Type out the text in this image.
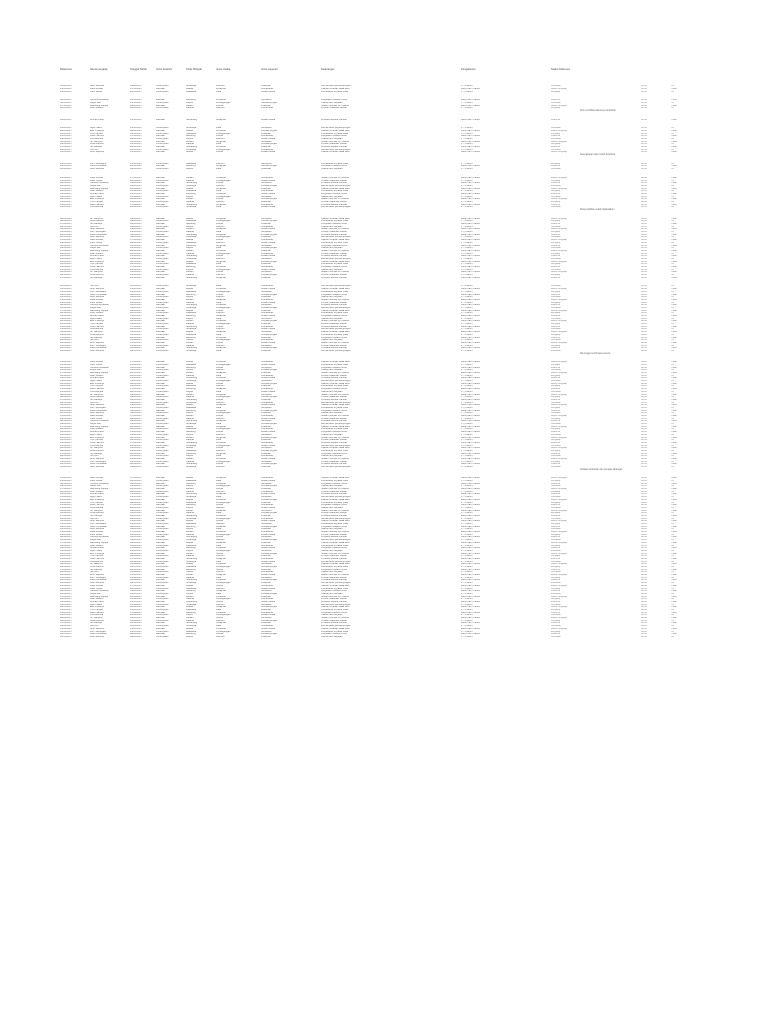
Reference	Nama Lengkap	Tanggal Daftar	Jenis Kelamin	Kode Wilayah	Jenis Usaha	Jenis Layanan	Keterangan	Pengalaman	Status Dokumen
12/03/2017	Budi Santoso	09/04/2017	Perempuan	Surabaya	Fashion	Pelatihan	Memerlukan pendampingan	1 - 3 tahun	Verifikasi	AP01	Ya
15/03/2017	Dewi Lestari	17/04/2017	Laki-laki	Bekasi	Kerajinan	Pemasaran	Usaha rumahan skala kecil	Lebih dari 5 tahun	Belum lengkap	AP02	Tidak
21/03/2017	Joko Susilo	28/04/2017	Perempuan	Makassar	Jasa	Modal Usaha	Pemasaran di pasar lokal	1 - 3 tahun	Lengkap	AP03	Ya
02/04/2017	Hendra Gunawan	05/05/2017	Laki-laki	Bandung	Pertanian	Sertifikasi	Penjualan melalui online	Lebih dari 5 tahun	Diterima	AP04	Tidak
09/04/2017	Maya Sari	14/05/2017	Perempuan	Depok	Perdagangan	Pendampingan	Usaha baru berjalan	1 - 3 tahun	Verifikasi	AP01	Ya
17/04/2017	Bambang Wijaya	22/05/2017	Laki-laki	Medan	Kuliner	Pelatihan	Sudah memiliki izin usaha	Lebih dari 5 tahun	Belum lengkap	AP02	Tidak
28/04/2017	Wati Susanti	12/03/2017	Perempuan	Jakarta	Fashion	Pemasaran	Produk makanan olahan	1 - 3 tahun	Lengkap	AP03	Ya
Perlu verifikasi dokumen tambahan
05/05/2017	Ahmad Fauzi	15/03/2017	Laki-laki	Semarang	Kerajinan	Modal Usaha	Produksi secara manual	Lebih dari 5 tahun	Diterima	AP04	Tidak
14/05/2017	Agus Salim	21/03/2017	Perempuan	Surabaya	Jasa	Sertifikasi	Memerlukan pendampingan	1 - 3 tahun	Verifikasi	AP01	Ya
22/05/2017	Eko Prasetyo	02/04/2017	Laki-laki	Bekasi	Pertanian	Pendampingan	Usaha rumahan skala kecil	Lebih dari 5 tahun	Belum lengkap	AP02	Tidak
12/03/2017	Yuni Kartika	09/04/2017	Perempuan	Makassar	Perdagangan	Pelatihan	Pemasaran di pasar lokal	1 - 3 tahun	Lengkap	AP03	Ya
15/03/2017	Rudi Hartono	17/04/2017	Laki-laki	Bandung	Kuliner	Pemasaran	Penjualan melalui online	Lebih dari 5 tahun	Diterima	AP04	Tidak
21/03/2017	Lina Marlina	28/04/2017	Perempuan	Depok	Fashion	Modal Usaha	Usaha baru berjalan	1 - 3 tahun	Verifikasi	AP01	Ya
02/04/2017	Sri Wahyuni	05/05/2017	Laki-laki	Medan	Kerajinan	Sertifikasi	Sudah memiliki izin usaha	Lebih dari 5 tahun	Belum lengkap	AP02	Tidak
09/04/2017	Rina Marlina	14/05/2017	Perempuan	Jakarta	Jasa	Pendampingan	Produk makanan olahan	1 - 3 tahun	Lengkap	AP03	Ya
17/04/2017	Siti Rahayu	22/05/2017	Laki-laki	Semarang	Pertanian	Pelatihan	Produksi secara manual	Lebih dari 5 tahun	Diterima	AP04	Tidak
28/04/2017	Nur Aini	12/03/2017	Perempuan	Surabaya	Perdagangan	Pemasaran	Memerlukan pendampingan	1 - 3 tahun	Verifikasi	AP01	Ya
05/05/2017	Andi Saputra	15/03/2017	Laki-laki	Bekasi	Kuliner	Modal Usaha	Usaha rumahan skala kecil	Lebih dari 5 tahun	Belum lengkap	AP02	Tidak
Kelengkapan data masih diperiksa
14/05/2017	Fitri Handayani	21/03/2017	Perempuan	Makassar	Fashion	Sertifikasi	Pemasaran di pasar lokal	1 - 3 tahun	Lengkap	AP03	Ya
22/05/2017	Dedi Kurniawan	02/04/2017	Laki-laki	Bandung	Kerajinan	Pendampingan	Penjualan melalui online	Lebih dari 5 tahun	Diterima	AP04	Tidak
12/03/2017	Budi Santoso	09/04/2017	Perempuan	Depok	Jasa	Pelatihan	Usaha baru berjalan	1 - 3 tahun	Verifikasi	AP01	Ya
15/03/2017	Dewi Lestari	17/04/2017	Laki-laki	Medan	Pertanian	Pemasaran	Sudah memiliki izin usaha	Lebih dari 5 tahun	Belum lengkap	AP02	Tidak
21/03/2017	Joko Susilo	28/04/2017	Perempuan	Jakarta	Perdagangan	Modal Usaha	Produk makanan olahan	1 - 3 tahun	Lengkap	AP03	Ya
02/04/2017	Hendra Gunawan	05/05/2017	Laki-laki	Semarang	Kuliner	Sertifikasi	Produksi secara manual	Lebih dari 5 tahun	Diterima	AP04	Tidak
09/04/2017	Maya Sari	14/05/2017	Perempuan	Surabaya	Fashion	Pendampingan	Memerlukan pendampingan	1 - 3 tahun	Verifikasi	AP01	Ya
17/04/2017	Bambang Wijaya	22/05/2017	Laki-laki	Bekasi	Kerajinan	Pelatihan	Usaha rumahan skala kecil	Lebih dari 5 tahun	Belum lengkap	AP02	Tidak
28/04/2017	Wati Susanti	12/03/2017	Perempuan	Makassar	Jasa	Pemasaran	Pemasaran di pasar lokal	1 - 3 tahun	Lengkap	AP03	Ya
05/05/2017	Ahmad Fauzi	15/03/2017	Laki-laki	Bandung	Pertanian	Modal Usaha	Penjualan melalui online	Lebih dari 5 tahun	Diterima	AP04	Tidak
14/05/2017	Agus Salim	21/03/2017	Perempuan	Depok	Perdagangan	Sertifikasi	Usaha baru berjalan	1 - 3 tahun	Verifikasi	AP01	Ya
22/05/2017	Eko Prasetyo	02/04/2017	Laki-laki	Medan	Kuliner	Pendampingan	Sudah memiliki izin usaha	Lebih dari 5 tahun	Belum lengkap	AP02	Tidak
12/03/2017	Yuni Kartika	09/04/2017	Perempuan	Jakarta	Fashion	Pelatihan	Produk makanan olahan	1 - 3 tahun	Lengkap	AP03	Ya
15/03/2017	Rudi Hartono	17/04/2017	Laki-laki	Semarang	Kerajinan	Pemasaran	Produksi secara manual	Lebih dari 5 tahun	Diterima	AP04	Tidak
21/03/2017	Lina Marlina	28/04/2017	Perempuan	Surabaya	Jasa	Modal Usaha	Memerlukan pendampingan	1 - 3 tahun	Verifikasi	AP01	Ya
Data pelatihan sudah dijadwalkan
02/04/2017	Sri Wahyuni	05/05/2017	Laki-laki	Bekasi	Pertanian	Sertifikasi	Usaha rumahan skala kecil	Lebih dari 5 tahun	Belum lengkap	AP02	Tidak
09/04/2017	Rina Marlina	14/05/2017	Perempuan	Makassar	Perdagangan	Pendampingan	Pemasaran di pasar lokal	1 - 3 tahun	Lengkap	AP03	Ya
17/04/2017	Siti Rahayu	22/05/2017	Laki-laki	Bandung	Kuliner	Pelatihan	Penjualan melalui online	Lebih dari 5 tahun	Diterima	AP04	Tidak
28/04/2017	Nur Aini	12/03/2017	Perempuan	Depok	Fashion	Pemasaran	Usaha baru berjalan	1 - 3 tahun	Verifikasi	AP01	Ya
05/05/2017	Andi Saputra	15/03/2017	Laki-laki	Medan	Kerajinan	Modal Usaha	Sudah memiliki izin usaha	Lebih dari 5 tahun	Belum lengkap	AP02	Tidak
14/05/2017	Fitri Handayani	21/03/2017	Perempuan	Jakarta	Jasa	Sertifikasi	Produk makanan olahan	1 - 3 tahun	Lengkap	AP03	Ya
22/05/2017	Dedi Kurniawan	02/04/2017	Laki-laki	Semarang	Pertanian	Pendampingan	Produksi secara manual	Lebih dari 5 tahun	Diterima	AP04	Tidak
12/03/2017	Budi Santoso	09/04/2017	Perempuan	Surabaya	Perdagangan	Pelatihan	Memerlukan pendampingan	1 - 3 tahun	Verifikasi	AP01	Ya
15/03/2017	Dewi Lestari	17/04/2017	Laki-laki	Bekasi	Kuliner	Pemasaran	Usaha rumahan skala kecil	Lebih dari 5 tahun	Belum lengkap	AP02	Tidak
21/03/2017	Joko Susilo	28/04/2017	Perempuan	Makassar	Fashion	Modal Usaha	Pemasaran di pasar lokal	1 - 3 tahun	Lengkap	AP03	Ya
02/04/2017	Hendra Gunawan	05/05/2017	Laki-laki	Bandung	Kerajinan	Sertifikasi	Penjualan melalui online	Lebih dari 5 tahun	Diterima	AP04	Tidak
09/04/2017	Maya Sari	14/05/2017	Perempuan	Depok	Jasa	Pendampingan	Usaha baru berjalan	1 - 3 tahun	Verifikasi	AP01	Ya
17/04/2017	Bambang Wijaya	22/05/2017	Laki-laki	Medan	Pertanian	Pelatihan	Sudah memiliki izin usaha	Lebih dari 5 tahun	Belum lengkap	AP02	Tidak
28/04/2017	Wati Susanti	12/03/2017	Perempuan	Jakarta	Perdagangan	Pemasaran	Produk makanan olahan	1 - 3 tahun	Lengkap	AP03	Ya
05/05/2017	Ahmad Fauzi	15/03/2017	Laki-laki	Semarang	Kuliner	Modal Usaha	Produksi secara manual	Lebih dari 5 tahun	Diterima	AP04	Tidak
14/05/2017	Agus Salim	21/03/2017	Perempuan	Surabaya	Fashion	Sertifikasi	Memerlukan pendampingan	1 - 3 tahun	Verifikasi	AP01	Ya
22/05/2017	Eko Prasetyo	02/04/2017	Laki-laki	Bekasi	Kerajinan	Pendampingan	Usaha rumahan skala kecil	Lebih dari 5 tahun	Belum lengkap	AP02	Tidak
12/03/2017	Yuni Kartika	09/04/2017	Perempuan	Makassar	Jasa	Pelatihan	Pemasaran di pasar lokal	1 - 3 tahun	Lengkap	AP03	Ya
15/03/2017	Rudi Hartono	17/04/2017	Laki-laki	Bandung	Pertanian	Pemasaran	Penjualan melalui online	Lebih dari 5 tahun	Diterima	AP04	Tidak
21/03/2017	Lina Marlina	28/04/2017	Perempuan	Depok	Perdagangan	Modal Usaha	Usaha baru berjalan	1 - 3 tahun	Verifikasi	AP01	Ya
02/04/2017	Sri Wahyuni	05/05/2017	Laki-laki	Medan	Kuliner	Sertifikasi	Sudah memiliki izin usaha	Lebih dari 5 tahun	Belum lengkap	AP02	Tidak
09/04/2017	Rina Marlina	14/05/2017	Perempuan	Jakarta	Fashion	Pendampingan	Produk makanan olahan	1 - 3 tahun	Lengkap	AP03	Ya
17/04/2017	Siti Rahayu	22/05/2017	Laki-laki	Semarang	Kerajinan	Pelatihan	Produksi secara manual	Lebih dari 5 tahun	Diterima	AP04	Tidak
28/04/2017	Nur Aini	12/03/2017	Perempuan	Surabaya	Jasa	Pemasaran	Memerlukan pendampingan	1 - 3 tahun	Verifikasi	AP01	Ya
05/05/2017	Andi Saputra	15/03/2017	Laki-laki	Bekasi	Pertanian	Modal Usaha	Usaha rumahan skala kecil	Lebih dari 5 tahun	Belum lengkap	AP02	Tidak
14/05/2017	Fitri Handayani	21/03/2017	Perempuan	Makassar	Perdagangan	Sertifikasi	Pemasaran di pasar lokal	1 - 3 tahun	Lengkap	AP03	Ya
22/05/2017	Dedi Kurniawan	02/04/2017	Laki-laki	Bandung	Kuliner	Pendampingan	Penjualan melalui online	Lebih dari 5 tahun	Diterima	AP04	Tidak
12/03/2017	Budi Santoso	09/04/2017	Perempuan	Depok	Fashion	Pelatihan	Usaha baru berjalan	1 - 3 tahun	Verifikasi	AP01	Ya
15/03/2017	Dewi Lestari	17/04/2017	Laki-laki	Medan	Kerajinan	Pemasaran	Sudah memiliki izin usaha	Lebih dari 5 tahun	Belum lengkap	AP02	Tidak
21/03/2017	Joko Susilo	28/04/2017	Perempuan	Jakarta	Jasa	Modal Usaha	Produk makanan olahan	1 - 3 tahun	Lengkap	AP03	Ya
02/04/2017	Hendra Gunawan	05/05/2017	Laki-laki	Semarang	Pertanian	Sertifikasi	Produksi secara manual	Lebih dari 5 tahun	Diterima	AP04	Tidak
09/04/2017	Maya Sari	14/05/2017	Perempuan	Surabaya	Perdagangan	Pendampingan	Memerlukan pendampingan	1 - 3 tahun	Verifikasi	AP01	Ya
17/04/2017	Bambang Wijaya	22/05/2017	Laki-laki	Bekasi	Kuliner	Pelatihan	Usaha rumahan skala kecil	Lebih dari 5 tahun	Belum lengkap	AP02	Tidak
28/04/2017	Wati Susanti	12/03/2017	Perempuan	Makassar	Fashion	Pemasaran	Pemasaran di pasar lokal	1 - 3 tahun	Lengkap	AP03	Ya
05/05/2017	Ahmad Fauzi	15/03/2017	Laki-laki	Bandung	Kerajinan	Modal Usaha	Penjualan melalui online	Lebih dari 5 tahun	Diterima	AP04	Tidak
14/05/2017	Agus Salim	21/03/2017	Perempuan	Depok	Jasa	Sertifikasi	Usaha baru berjalan	1 - 3 tahun	Verifikasi	AP01	Ya
22/05/2017	Eko Prasetyo	02/04/2017	Laki-laki	Medan	Pertanian	Pendampingan	Sudah memiliki izin usaha	Lebih dari 5 tahun	Belum lengkap	AP02	Tidak
12/03/2017	Yuni Kartika	09/04/2017	Perempuan	Jakarta	Perdagangan	Pelatihan	Produk makanan olahan	1 - 3 tahun	Lengkap	AP03	Ya
15/03/2017	Rudi Hartono	17/04/2017	Laki-laki	Semarang	Kuliner	Pemasaran	Produksi secara manual	Lebih dari 5 tahun	Diterima	AP04	Tidak
21/03/2017	Lina Marlina	28/04/2017	Perempuan	Surabaya	Fashion	Modal Usaha	Memerlukan pendampingan	1 - 3 tahun	Verifikasi	AP01	Ya
02/04/2017	Sri Wahyuni	05/05/2017	Laki-laki	Bekasi	Kerajinan	Sertifikasi	Usaha rumahan skala kecil	Lebih dari 5 tahun	Belum lengkap	AP02	Tidak
09/04/2017	Rina Marlina	14/05/2017	Perempuan	Makassar	Jasa	Pendampingan	Pemasaran di pasar lokal	1 - 3 tahun	Lengkap	AP03	Ya
17/04/2017	Siti Rahayu	22/05/2017	Laki-laki	Bandung	Pertanian	Pelatihan	Penjualan melalui online	Lebih dari 5 tahun	Diterima	AP04	Tidak
28/04/2017	Nur Aini	12/03/2017	Perempuan	Depok	Perdagangan	Pemasaran	Usaha baru berjalan	1 - 3 tahun	Verifikasi	AP01	Ya
05/05/2017	Andi Saputra	15/03/2017	Laki-laki	Medan	Kuliner	Modal Usaha	Sudah memiliki izin usaha	Lebih dari 5 tahun	Belum lengkap	AP02	Tidak
14/05/2017	Fitri Handayani	21/03/2017	Perempuan	Jakarta	Fashion	Sertifikasi	Produk makanan olahan	1 - 3 tahun	Lengkap	AP03	Ya
22/05/2017	Dedi Kurniawan	02/04/2017	Laki-laki	Semarang	Kerajinan	Pendampingan	Produksi secara manual	Lebih dari 5 tahun	Diterima	AP04	Tidak
12/03/2017	Budi Santoso	09/04/2017	Perempuan	Surabaya	Jasa	Pelatihan	Memerlukan pendampingan	1 - 3 tahun	Verifikasi	AP01	Ya
Menunggu konfirmasi peserta
15/03/2017	Dewi Lestari	17/04/2017	Laki-laki	Bekasi	Pertanian	Pemasaran	Usaha rumahan skala kecil	Lebih dari 5 tahun	Belum lengkap	AP02	Tidak
21/03/2017	Joko Susilo	28/04/2017	Perempuan	Makassar	Perdagangan	Modal Usaha	Pemasaran di pasar lokal	1 - 3 tahun	Lengkap	AP03	Ya
02/04/2017	Hendra Gunawan	05/05/2017	Laki-laki	Bandung	Kuliner	Sertifikasi	Penjualan melalui online	Lebih dari 5 tahun	Diterima	AP04	Tidak
09/04/2017	Maya Sari	14/05/2017	Perempuan	Depok	Fashion	Pendampingan	Usaha baru berjalan	1 - 3 tahun	Verifikasi	AP01	Ya
17/04/2017	Bambang Wijaya	22/05/2017	Laki-laki	Medan	Kerajinan	Pelatihan	Sudah memiliki izin usaha	Lebih dari 5 tahun	Belum lengkap	AP02	Tidak
28/04/2017	Wati Susanti	12/03/2017	Perempuan	Jakarta	Jasa	Pemasaran	Produk makanan olahan	1 - 3 tahun	Lengkap	AP03	Ya
05/05/2017	Ahmad Fauzi	15/03/2017	Laki-laki	Semarang	Pertanian	Modal Usaha	Produksi secara manual	Lebih dari 5 tahun	Diterima	AP04	Tidak
14/05/2017	Agus Salim	21/03/2017	Perempuan	Surabaya	Perdagangan	Sertifikasi	Memerlukan pendampingan	1 - 3 tahun	Verifikasi	AP01	Ya
22/05/2017	Eko Prasetyo	02/04/2017	Laki-laki	Bekasi	Kuliner	Pendampingan	Usaha rumahan skala kecil	Lebih dari 5 tahun	Belum lengkap	AP02	Tidak
12/03/2017	Yuni Kartika	09/04/2017	Perempuan	Makassar	Fashion	Pelatihan	Pemasaran di pasar lokal	1 - 3 tahun	Lengkap	AP03	Ya
15/03/2017	Rudi Hartono	17/04/2017	Laki-laki	Bandung	Kerajinan	Pemasaran	Penjualan melalui online	Lebih dari 5 tahun	Diterima	AP04	Tidak
21/03/2017	Lina Marlina	28/04/2017	Perempuan	Depok	Jasa	Modal Usaha	Usaha baru berjalan	1 - 3 tahun	Verifikasi	AP01	Ya
02/04/2017	Sri Wahyuni	05/05/2017	Laki-laki	Medan	Pertanian	Sertifikasi	Sudah memiliki izin usaha	Lebih dari 5 tahun	Belum lengkap	AP02	Tidak
09/04/2017	Rina Marlina	14/05/2017	Perempuan	Jakarta	Perdagangan	Pendampingan	Produk makanan olahan	1 - 3 tahun	Lengkap	AP03	Ya
17/04/2017	Siti Rahayu	22/05/2017	Laki-laki	Semarang	Kuliner	Pelatihan	Produksi secara manual	Lebih dari 5 tahun	Diterima	AP04	Tidak
28/04/2017	Nur Aini	12/03/2017	Perempuan	Surabaya	Fashion	Pemasaran	Memerlukan pendampingan	1 - 3 tahun	Verifikasi	AP01	Ya
05/05/2017	Andi Saputra	15/03/2017	Laki-laki	Bekasi	Kerajinan	Modal Usaha	Usaha rumahan skala kecil	Lebih dari 5 tahun	Belum lengkap	AP02	Tidak
14/05/2017	Fitri Handayani	21/03/2017	Perempuan	Makassar	Jasa	Sertifikasi	Pemasaran di pasar lokal	1 - 3 tahun	Lengkap	AP03	Ya
22/05/2017	Dedi Kurniawan	02/04/2017	Laki-laki	Bandung	Pertanian	Pendampingan	Penjualan melalui online	Lebih dari 5 tahun	Diterima	AP04	Tidak
12/03/2017	Budi Santoso	09/04/2017	Perempuan	Depok	Perdagangan	Pelatihan	Usaha baru berjalan	1 - 3 tahun	Verifikasi	AP01	Ya
15/03/2017	Dewi Lestari	17/04/2017	Laki-laki	Medan	Kuliner	Pemasaran	Sudah memiliki izin usaha	Lebih dari 5 tahun	Belum lengkap	AP02	Tidak
21/03/2017	Joko Susilo	28/04/2017	Perempuan	Jakarta	Fashion	Modal Usaha	Produk makanan olahan	1 - 3 tahun	Lengkap	AP03	Ya
02/04/2017	Hendra Gunawan	05/05/2017	Laki-laki	Semarang	Kerajinan	Sertifikasi	Produksi secara manual	Lebih dari 5 tahun	Diterima	AP04	Tidak
09/04/2017	Maya Sari	14/05/2017	Perempuan	Surabaya	Jasa	Pendampingan	Memerlukan pendampingan	1 - 3 tahun	Verifikasi	AP01	Ya
17/04/2017	Bambang Wijaya	22/05/2017	Laki-laki	Bekasi	Pertanian	Pelatihan	Usaha rumahan skala kecil	Lebih dari 5 tahun	Belum lengkap	AP02	Tidak
28/04/2017	Wati Susanti	12/03/2017	Perempuan	Makassar	Perdagangan	Pemasaran	Pemasaran di pasar lokal	1 - 3 tahun	Lengkap	AP03	Ya
05/05/2017	Ahmad Fauzi	15/03/2017	Laki-laki	Bandung	Kuliner	Modal Usaha	Penjualan melalui online	Lebih dari 5 tahun	Diterima	AP04	Tidak
14/05/2017	Agus Salim	21/03/2017	Perempuan	Depok	Fashion	Sertifikasi	Usaha baru berjalan	1 - 3 tahun	Verifikasi	AP01	Ya
22/05/2017	Eko Prasetyo	02/04/2017	Laki-laki	Medan	Kerajinan	Pendampingan	Sudah memiliki izin usaha	Lebih dari 5 tahun	Belum lengkap	AP02	Tidak
12/03/2017	Yuni Kartika	09/04/2017	Perempuan	Jakarta	Jasa	Pelatihan	Produk makanan olahan	1 - 3 tahun	Lengkap	AP03	Ya
15/03/2017	Rudi Hartono	17/04/2017	Laki-laki	Semarang	Pertanian	Pemasaran	Produksi secara manual	Lebih dari 5 tahun	Diterima	AP04	Tidak
21/03/2017	Lina Marlina	28/04/2017	Perempuan	Surabaya	Perdagangan	Modal Usaha	Memerlukan pendampingan	1 - 3 tahun	Verifikasi	AP01	Ya
02/04/2017	Sri Wahyuni	05/05/2017	Laki-laki	Bekasi	Kuliner	Sertifikasi	Usaha rumahan skala kecil	Lebih dari 5 tahun	Belum lengkap	AP02	Tidak
09/04/2017	Rina Marlina	14/05/2017	Perempuan	Makassar	Fashion	Pendampingan	Pemasaran di pasar lokal	1 - 3 tahun	Lengkap	AP03	Ya
17/04/2017	Siti Rahayu	22/05/2017	Laki-laki	Bandung	Kerajinan	Pelatihan	Penjualan melalui online	Lebih dari 5 tahun	Diterima	AP04	Tidak
28/04/2017	Nur Aini	12/03/2017	Perempuan	Depok	Jasa	Pemasaran	Usaha baru berjalan	1 - 3 tahun	Verifikasi	AP01	Ya
05/05/2017	Andi Saputra	15/03/2017	Laki-laki	Medan	Pertanian	Modal Usaha	Sudah memiliki izin usaha	Lebih dari 5 tahun	Belum lengkap	AP02	Tidak
14/05/2017	Fitri Handayani	21/03/2017	Perempuan	Jakarta	Perdagangan	Sertifikasi	Produk makanan olahan	1 - 3 tahun	Lengkap	AP03	Ya
22/05/2017	Dedi Kurniawan	02/04/2017	Laki-laki	Semarang	Kuliner	Pendampingan	Produksi secara manual	Lebih dari 5 tahun	Diterima	AP04	Tidak
12/03/2017	Budi Santoso	09/04/2017	Perempuan	Surabaya	Fashion	Pelatihan	Memerlukan pendampingan	1 - 3 tahun	Verifikasi	AP01	Ya
Catatan tambahan dari petugas lapangan
15/03/2017	Dewi Lestari	17/04/2017	Laki-laki	Bekasi	Kerajinan	Pemasaran	Usaha rumahan skala kecil	Lebih dari 5 tahun	Belum lengkap	AP02	Tidak
21/03/2017	Joko Susilo	28/04/2017	Perempuan	Makassar	Jasa	Modal Usaha	Pemasaran di pasar lokal	1 - 3 tahun	Lengkap	AP03	Ya
02/04/2017	Hendra Gunawan	05/05/2017	Laki-laki	Bandung	Pertanian	Sertifikasi	Penjualan melalui online	Lebih dari 5 tahun	Diterima	AP04	Tidak
09/04/2017	Maya Sari	14/05/2017	Perempuan	Depok	Perdagangan	Pendampingan	Usaha baru berjalan	1 - 3 tahun	Verifikasi	AP01	Ya
17/04/2017	Bambang Wijaya	22/05/2017	Laki-laki	Medan	Kuliner	Pelatihan	Sudah memiliki izin usaha	Lebih dari 5 tahun	Belum lengkap	AP02	Tidak
28/04/2017	Wati Susanti	12/03/2017	Perempuan	Jakarta	Fashion	Pemasaran	Produk makanan olahan	1 - 3 tahun	Lengkap	AP03	Ya
05/05/2017	Ahmad Fauzi	15/03/2017	Laki-laki	Semarang	Kerajinan	Modal Usaha	Produksi secara manual	Lebih dari 5 tahun	Diterima	AP04	Tidak
14/05/2017	Agus Salim	21/03/2017	Perempuan	Surabaya	Jasa	Sertifikasi	Memerlukan pendampingan	1 - 3 tahun	Verifikasi	AP01	Ya
22/05/2017	Eko Prasetyo	02/04/2017	Laki-laki	Bekasi	Pertanian	Pendampingan	Usaha rumahan skala kecil	Lebih dari 5 tahun	Belum lengkap	AP02	Tidak
12/03/2017	Yuni Kartika	09/04/2017	Perempuan	Makassar	Perdagangan	Pelatihan	Pemasaran di pasar lokal	1 - 3 tahun	Lengkap	AP03	Ya
15/03/2017	Rudi Hartono	17/04/2017	Laki-laki	Bandung	Kuliner	Pemasaran	Penjualan melalui online	Lebih dari 5 tahun	Diterima	AP04	Tidak
21/03/2017	Lina Marlina	28/04/2017	Perempuan	Depok	Fashion	Modal Usaha	Usaha baru berjalan	1 - 3 tahun	Verifikasi	AP01	Ya
02/04/2017	Sri Wahyuni	05/05/2017	Laki-laki	Medan	Kerajinan	Sertifikasi	Sudah memiliki izin usaha	Lebih dari 5 tahun	Belum lengkap	AP02	Tidak
09/04/2017	Rina Marlina	14/05/2017	Perempuan	Jakarta	Jasa	Pendampingan	Produk makanan olahan	1 - 3 tahun	Lengkap	AP03	Ya
17/04/2017	Siti Rahayu	22/05/2017	Laki-laki	Semarang	Pertanian	Pelatihan	Produksi secara manual	Lebih dari 5 tahun	Diterima	AP04	Tidak
28/04/2017	Nur Aini	12/03/2017	Perempuan	Surabaya	Perdagangan	Pemasaran	Memerlukan pendampingan	1 - 3 tahun	Verifikasi	AP01	Ya
05/05/2017	Andi Saputra	15/03/2017	Laki-laki	Bekasi	Kuliner	Modal Usaha	Usaha rumahan skala kecil	Lebih dari 5 tahun	Belum lengkap	AP02	Tidak
14/05/2017	Fitri Handayani	21/03/2017	Perempuan	Makassar	Fashion	Sertifikasi	Pemasaran di pasar lokal	1 - 3 tahun	Lengkap	AP03	Ya
22/05/2017	Dedi Kurniawan	02/04/2017	Laki-laki	Bandung	Kerajinan	Pendampingan	Penjualan melalui online	Lebih dari 5 tahun	Diterima	AP04	Tidak
12/03/2017	Budi Santoso	09/04/2017	Perempuan	Depok	Jasa	Pelatihan	Usaha baru berjalan	1 - 3 tahun	Verifikasi	AP01	Ya
15/03/2017	Dewi Lestari	17/04/2017	Laki-laki	Medan	Pertanian	Pemasaran	Sudah memiliki izin usaha	Lebih dari 5 tahun	Belum lengkap	AP02	Tidak
21/03/2017	Joko Susilo	28/04/2017	Perempuan	Jakarta	Perdagangan	Modal Usaha	Produk makanan olahan	1 - 3 tahun	Lengkap	AP03	Ya
02/04/2017	Hendra Gunawan	05/05/2017	Laki-laki	Semarang	Kuliner	Sertifikasi	Produksi secara manual	Lebih dari 5 tahun	Diterima	AP04	Tidak
09/04/2017	Maya Sari	14/05/2017	Perempuan	Surabaya	Fashion	Pendampingan	Memerlukan pendampingan	1 - 3 tahun	Verifikasi	AP01	Ya
17/04/2017	Bambang Wijaya	22/05/2017	Laki-laki	Bekasi	Kerajinan	Pelatihan	Usaha rumahan skala kecil	Lebih dari 5 tahun	Belum lengkap	AP02	Tidak
28/04/2017	Wati Susanti	12/03/2017	Perempuan	Makassar	Jasa	Pemasaran	Pemasaran di pasar lokal	1 - 3 tahun	Lengkap	AP03	Ya
05/05/2017	Ahmad Fauzi	15/03/2017	Laki-laki	Bandung	Pertanian	Modal Usaha	Penjualan melalui online	Lebih dari 5 tahun	Diterima	AP04	Tidak
14/05/2017	Agus Salim	21/03/2017	Perempuan	Depok	Perdagangan	Sertifikasi	Usaha baru berjalan	1 - 3 tahun	Verifikasi	AP01	Ya
22/05/2017	Eko Prasetyo	02/04/2017	Laki-laki	Medan	Kuliner	Pendampingan	Sudah memiliki izin usaha	Lebih dari 5 tahun	Belum lengkap	AP02	Tidak
12/03/2017	Yuni Kartika	09/04/2017	Perempuan	Jakarta	Fashion	Pelatihan	Produk makanan olahan	1 - 3 tahun	Lengkap	AP03	Ya
15/03/2017	Rudi Hartono	17/04/2017	Laki-laki	Semarang	Kerajinan	Pemasaran	Produksi secara manual	Lebih dari 5 tahun	Diterima	AP04	Tidak
21/03/2017	Lina Marlina	28/04/2017	Perempuan	Surabaya	Jasa	Modal Usaha	Memerlukan pendampingan	1 - 3 tahun	Verifikasi	AP01	Ya
02/04/2017	Sri Wahyuni	05/05/2017	Laki-laki	Bekasi	Pertanian	Sertifikasi	Usaha rumahan skala kecil	Lebih dari 5 tahun	Belum lengkap	AP02	Tidak
09/04/2017	Rina Marlina	14/05/2017	Perempuan	Makassar	Perdagangan	Pendampingan	Pemasaran di pasar lokal	1 - 3 tahun	Lengkap	AP03	Ya
17/04/2017	Siti Rahayu	22/05/2017	Laki-laki	Bandung	Kuliner	Pelatihan	Penjualan melalui online	Lebih dari 5 tahun	Diterima	AP04	Tidak
28/04/2017	Nur Aini	12/03/2017	Perempuan	Depok	Fashion	Pemasaran	Usaha baru berjalan	1 - 3 tahun	Verifikasi	AP01	Ya
05/05/2017	Andi Saputra	15/03/2017	Laki-laki	Medan	Kerajinan	Modal Usaha	Sudah memiliki izin usaha	Lebih dari 5 tahun	Belum lengkap	AP02	Tidak
14/05/2017	Fitri Handayani	21/03/2017	Perempuan	Jakarta	Jasa	Sertifikasi	Produk makanan olahan	1 - 3 tahun	Lengkap	AP03	Ya
22/05/2017	Dedi Kurniawan	02/04/2017	Laki-laki	Semarang	Pertanian	Pendampingan	Produksi secara manual	Lebih dari 5 tahun	Diterima	AP04	Tidak
12/03/2017	Budi Santoso	09/04/2017	Perempuan	Surabaya	Perdagangan	Pelatihan	Memerlukan pendampingan	1 - 3 tahun	Verifikasi	AP01	Ya
15/03/2017	Dewi Lestari	17/04/2017	Laki-laki	Bekasi	Kuliner	Pemasaran	Usaha rumahan skala kecil	Lebih dari 5 tahun	Belum lengkap	AP02	Tidak
21/03/2017	Joko Susilo	28/04/2017	Perempuan	Makassar	Fashion	Modal Usaha	Pemasaran di pasar lokal	1 - 3 tahun	Lengkap	AP03	Ya
02/04/2017	Hendra Gunawan	05/05/2017	Laki-laki	Bandung	Kerajinan	Sertifikasi	Penjualan melalui online	Lebih dari 5 tahun	Diterima	AP04	Tidak
09/04/2017	Maya Sari	14/05/2017	Perempuan	Depok	Jasa	Pendampingan	Usaha baru berjalan	1 - 3 tahun	Verifikasi	AP01	Ya
17/04/2017	Bambang Wijaya	22/05/2017	Laki-laki	Medan	Pertanian	Pelatihan	Sudah memiliki izin usaha	Lebih dari 5 tahun	Belum lengkap	AP02	Tidak
28/04/2017	Wati Susanti	12/03/2017	Perempuan	Jakarta	Perdagangan	Pemasaran	Produk makanan olahan	1 - 3 tahun	Lengkap	AP03	Ya
05/05/2017	Ahmad Fauzi	15/03/2017	Laki-laki	Semarang	Kuliner	Modal Usaha	Produksi secara manual	Lebih dari 5 tahun	Diterima	AP04	Tidak
14/05/2017	Agus Salim	21/03/2017	Perempuan	Surabaya	Fashion	Sertifikasi	Memerlukan pendampingan	1 - 3 tahun	Verifikasi	AP01	Ya
22/05/2017	Eko Prasetyo	02/04/2017	Laki-laki	Bekasi	Kerajinan	Pendampingan	Usaha rumahan skala kecil	Lebih dari 5 tahun	Belum lengkap	AP02	Tidak
12/03/2017	Yuni Kartika	09/04/2017	Perempuan	Makassar	Jasa	Pelatihan	Pemasaran di pasar lokal	1 - 3 tahun	Lengkap	AP03	Ya
15/03/2017	Rudi Hartono	17/04/2017	Laki-laki	Bandung	Pertanian	Pemasaran	Penjualan melalui online	Lebih dari 5 tahun	Diterima	AP04	Tidak
21/03/2017	Lina Marlina	28/04/2017	Perempuan	Depok	Perdagangan	Modal Usaha	Usaha baru berjalan	1 - 3 tahun	Verifikasi	AP01	Ya
02/04/2017	Sri Wahyuni	05/05/2017	Laki-laki	Medan	Kuliner	Sertifikasi	Sudah memiliki izin usaha	Lebih dari 5 tahun	Belum lengkap	AP02	Tidak
09/04/2017	Rina Marlina	14/05/2017	Perempuan	Jakarta	Fashion	Pendampingan	Produk makanan olahan	1 - 3 tahun	Lengkap	AP03	Ya
17/04/2017	Siti Rahayu	22/05/2017	Laki-laki	Semarang	Kerajinan	Pelatihan	Produksi secara manual	Lebih dari 5 tahun	Diterima	AP04	Tidak
28/04/2017	Nur Aini	12/03/2017	Perempuan	Surabaya	Jasa	Pemasaran	Memerlukan pendampingan	1 - 3 tahun	Verifikasi	AP01	Ya
05/05/2017	Andi Saputra	15/03/2017	Laki-laki	Bekasi	Pertanian	Modal Usaha	Usaha rumahan skala kecil	Lebih dari 5 tahun	Belum lengkap	AP02	Tidak
14/05/2017	Fitri Handayani	21/03/2017	Perempuan	Makassar	Perdagangan	Sertifikasi	Pemasaran di pasar lokal	1 - 3 tahun	Lengkap	AP03	Ya
22/05/2017	Dedi Kurniawan	02/04/2017	Laki-laki	Bandung	Kuliner	Pendampingan	Penjualan melalui online	Lebih dari 5 tahun	Diterima	AP04	Tidak
12/03/2017	Budi Santoso	09/04/2017	Perempuan	Depok	Fashion	Pelatihan	Usaha baru berjalan	1 - 3 tahun	Verifikasi	AP01	Ya
